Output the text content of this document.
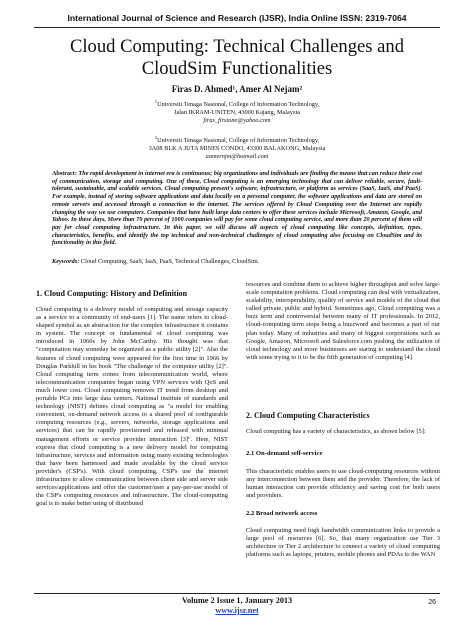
International Journal of Science and Research (IJSR), India Online ISSN: 2319-7064
Cloud Computing: Technical Challenges and
CloudSim Functionalities
Firas D. Ahmed¹, Amer Al Nejam²
$^1$Universiti Tenaga Nasional, College of Information Technology,
Jalan IKRAM-UNITEN, 43000 Kajang, Malaysia
firas_firstone@yahoo.com
$^2$Universiti Tenaga Nasional, College of Information Technology,
3A08 BLK A JUTA MINES CONDO, 43300 BALAKONG, Malaysia
aamernjm@hotmail.com
Abstract: The rapid development in internet era is continuous; big organizations and individuals are finding the means that can reduce their cost of communication, storage and computing. One of these, Cloud computing is an emerging technology that can deliver reliable, secure, fault-tolerant, sustainable, and scalable services. Cloud computing present's software, infrastructure, or platform as services (SaaS, IaaS, and PaaS). For example, instead of storing software applications and data locally on a personal computer, the software applications and data are stored on remote servers and accessed through a connection to the internet. The services offered by Cloud Computing over the Internet are rapidly changing the way we use computers. Companies that have built large data centers to offer these services include Microsoft, Amazon, Google, and Yahoo. In these days, More than 70 percent of 1000 companies will pay for some cloud computing service, and more than 20 percent of them will pay for cloud computing infrastructure. In this paper, we will discuss all aspects of cloud computing like concepts, definition, types, characteristics, benefits, and identify the top technical and non-technical challenges of cloud computing also focusing on CloudSim and its functionality in this field.
Keywords: Cloud Computing, SaaS, IaaS, PaaS, Technical Challenges, CloudSim.
1. Cloud Computing: History and Definition
Cloud computing is a delivery model of computing and storage capacity as a service to a community of end-users [1]. The name refers to cloud-shaped symbol as an abstraction for the complex infrastructure it contains in system. The concept or fundamental of cloud computing was introduced in 1960s by John McCarthy. His thought was that "computation may someday be organized as a public utility [2]". Also the features of cloud computing were appeared for the first time in 1966 by Douglas Parkhill in his book "The challenge of the computer utility [2]". Cloud computing term comes from telecommunication world, where telecommunication companies began using VPN services with QoS and much lower cost. Cloud computing removes IT trend from desktop and portable PCs into large data centers. National institute of standards and technology (NIST) defines cloud computing as "a model for enabling convenient, on-demand network access to a shared pool of configurable computing resources (e.g., servers, networks, storage applications and services) that can be rapidly provisioned and released with minimal management efforts or service provider interaction [3]". Here, NIST express that cloud computing is a new delivery model for computing infrastructure, services and information using many existing technologies that have been harnessed and made available by the cloud service provider's (CSP's). With cloud computing, CSP's use the internet infrastructure to allow communication between client side and server side services/applications and offer the customer/user a pay-per-use model of the CSP's computing resources and infrastructure. The cloud-computing goal is to make better using of distributed
resources and combine them to achieve higher throughput and solve large-scale computation problems. Cloud computing can deal with virtualization, scalability, interoperability, quality of service and models of the cloud that called private, public and hybrid. Sometimes ago, Cloud computing was a buzz term and controversial between many of IT professionals. In 2012, cloud-computing term stops being a buzzword and becomes a part of our plan today. Many of industries and many of biggest corporations such as Google, Amazon, Microsoft and Salesforce.com pushing the utilization of cloud technology and more businesses are staring to understand the cloud with some trying to it to be the fifth generation of computing [4].
2. Cloud Computing Characteristics
Cloud computing has a variety of characteristics, as shown below [5]:
2.1 On-demand self-service
This characteristic enables users to use cloud-computing resources without any interconnection between them and the provider. Therefore, the lack of human interaction can provide efficiency and saving cost for both users and providers.
2.2 Broad network access
Cloud computing need high bandwidth communication links to provide a large pool of resources [6]. So, that many organization use Tier 3 architecture or Tier 2 architecture to connect a variety of cloud computing platforms such as laptops, printers, mobile phones and PDAs to the WAN
Volume 2 Issue 1, January 2013
www.ijsr.net
26
